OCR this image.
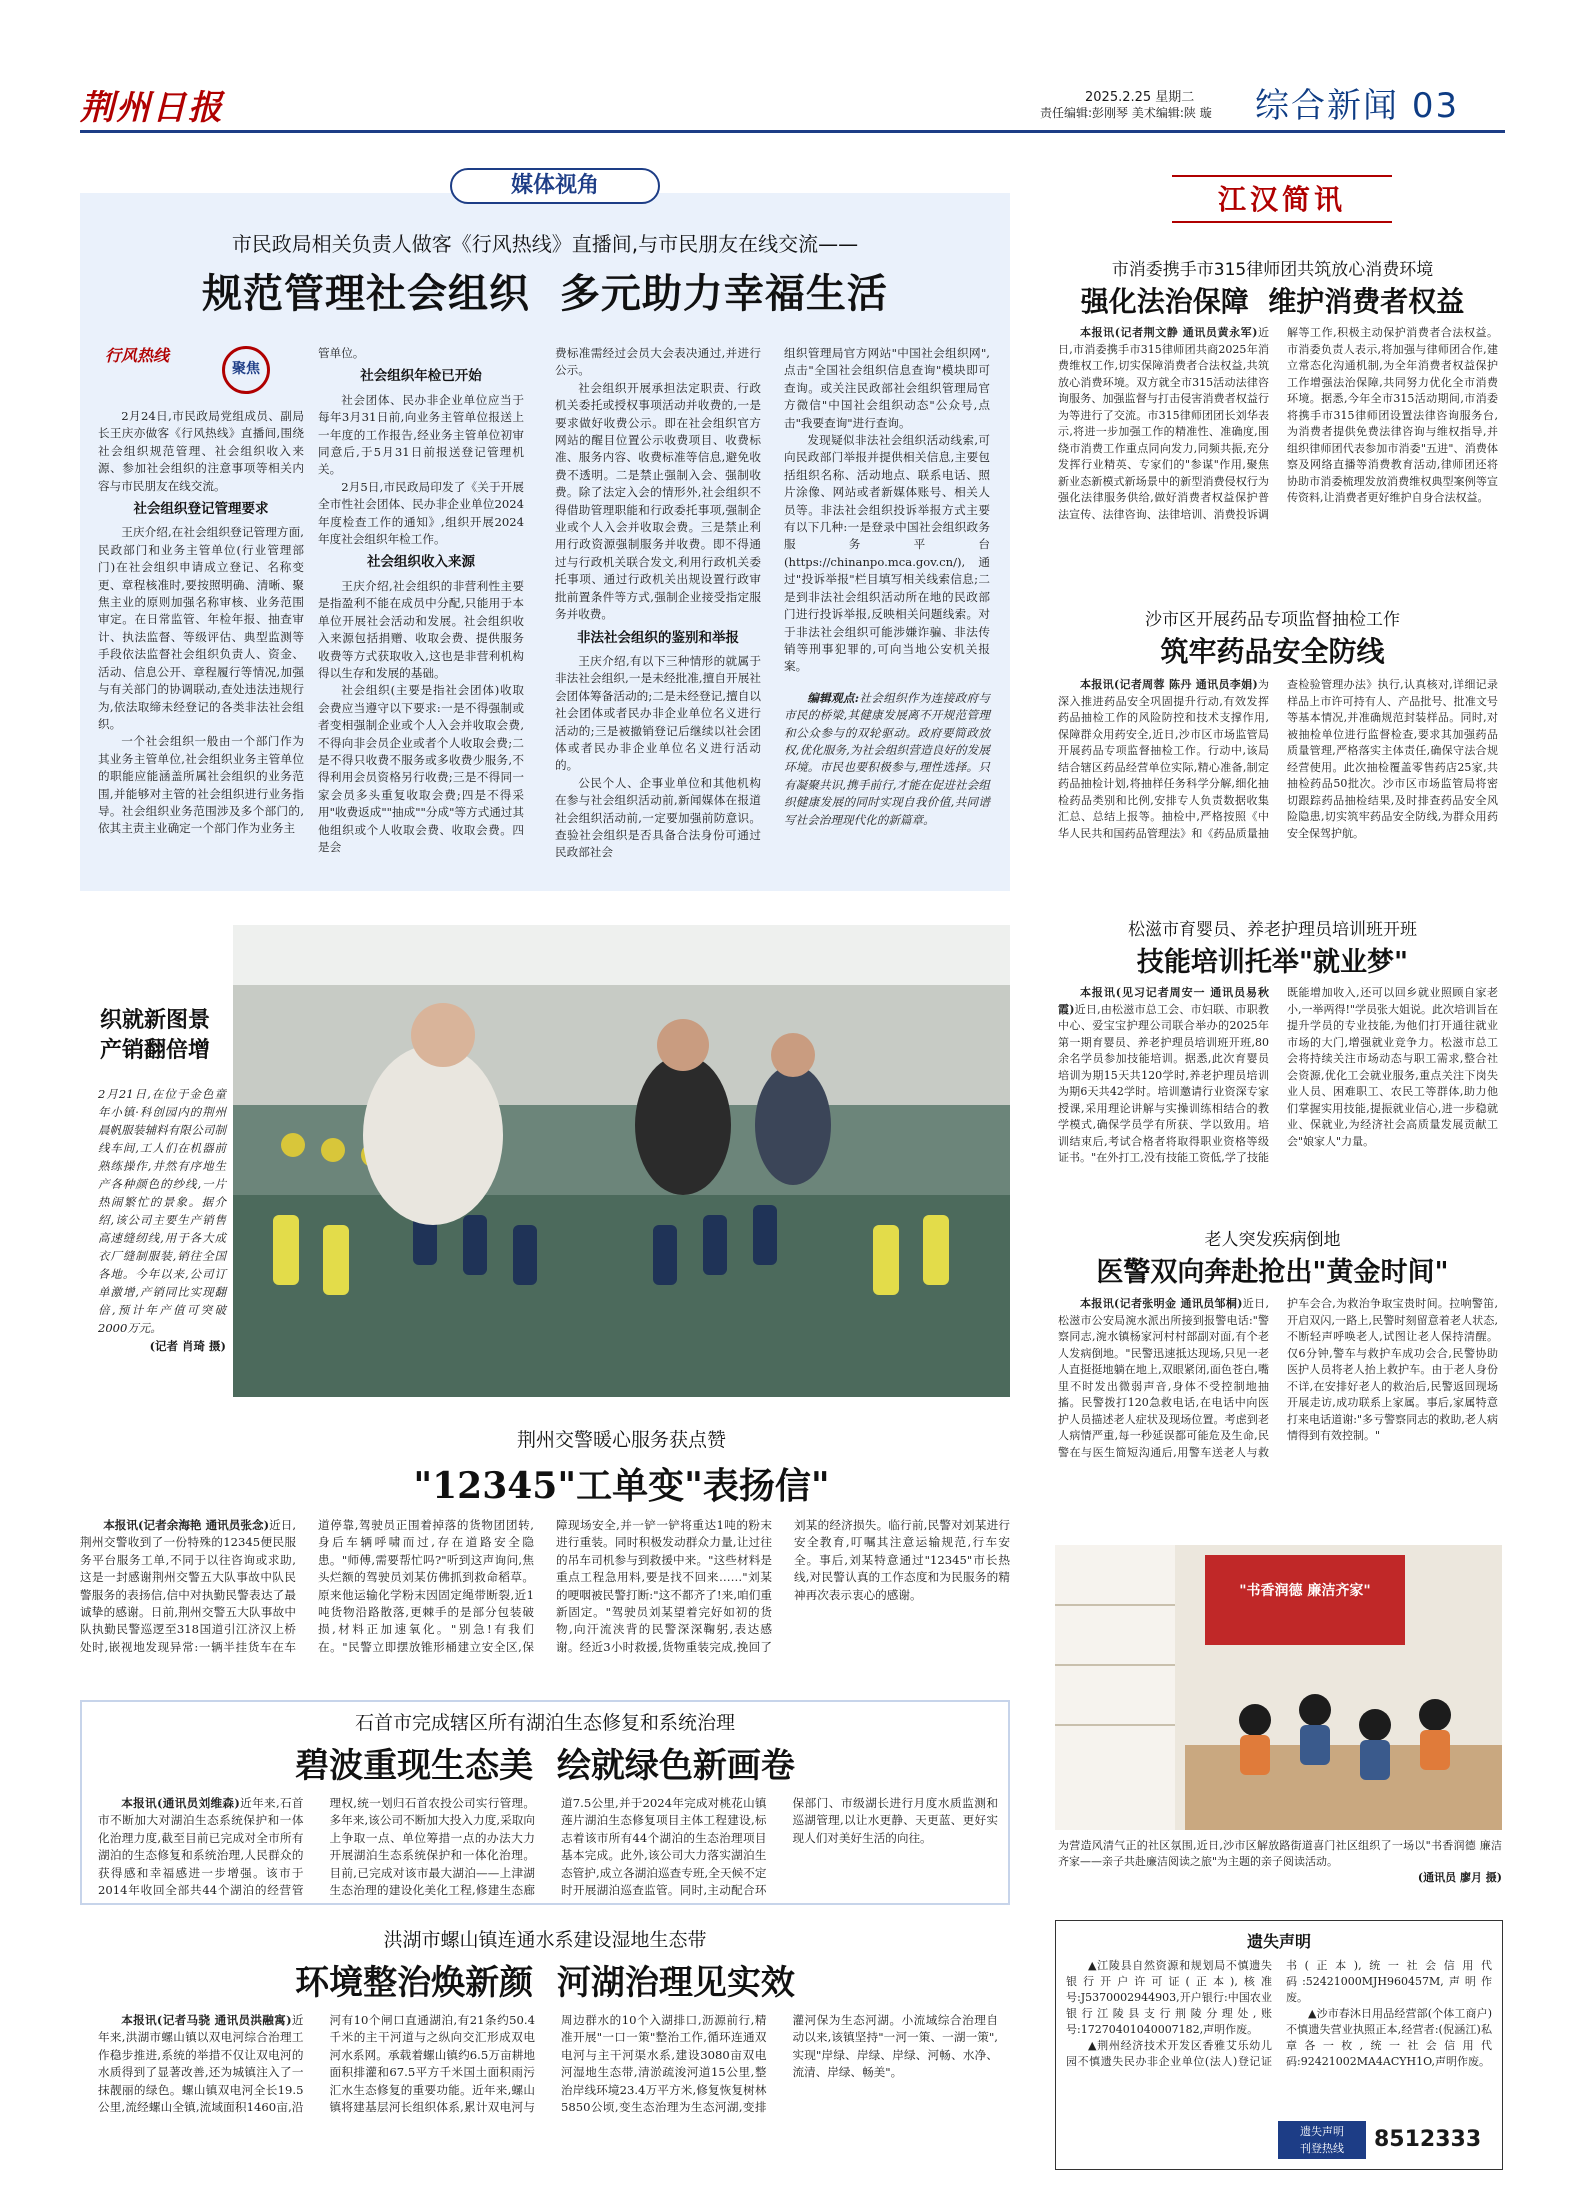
荆州日报	2025.2.25 星期二
责任编辑:彭刚琴 美术编辑:陕 璇 综合新闻 03
媒体视角
市民政局相关负责人做客《行风热线》直播间,与市民朋友在线交流——
规范管理社会组织  多元助力幸福生活
行风热线
聚焦

2月24日,市民政局党组成员、副局长王庆亦做客《行风热线》直播间,围绕社会组织规范管理、社会组织收入来源、参加社会组织的注意事项等相关内容与市民朋友在线交流。

社会组织登记管理要求

王庆介绍,在社会组织登记管理方面,民政部门和业务主管单位(行业管理部门)在社会组织申请成立登记、名称变更、章程核准时,要按照明确、清晰、聚焦主业的原则加强名称审核、业务范围审定。在日常监管、年检年报、抽查审计、执法监督、等级评估、典型监测等手段依法监督社会组织负责人、资金、活动、信息公开、章程履行等情况,加强与有关部门的协调联动,查处违法违规行为,依法取缔未经登记的各类非法社会组织。

一个社会组织一般由一个部门作为其业务主管单位,社会组织业务主管单位的职能应能涵盖所属社会组织的业务范围,并能够对主管的社会组织进行业务指导。社会组织业务范围涉及多个部门的,依其主责主业确定一个部门作为业务主

管单位。

社会组织年检已开始

社会团体、民办非企业单位应当于每年3月31日前,向业务主管单位报送上一年度的工作报告,经业务主管单位初审同意后,于5月31日前报送登记管理机关。

2月5日,市民政局印发了《关于开展全市性社会团体、民办非企业单位2024年度检查工作的通知》,组织开展2024年度社会组织年检工作。

社会组织收入来源

王庆介绍,社会组织的非营利性主要是指盈利不能在成员中分配,只能用于本单位开展社会活动和发展。社会组织收入来源包括捐赠、收取会费、提供服务收费等方式获取收入,这也是非营利机构得以生存和发展的基础。

社会组织(主要是指社会团体)收取会费应当遵守以下要求:一是不得强制或者变相强制企业或个人入会并收取会费,不得向非会员企业或者个人收取会费;二是不得只收费不服务或多收费少服务,不得利用会员资格另行收费;三是不得同一家会员多头重复收取会费;四是不得采用"收费返成""抽成""分成"等方式通过其他组织或个人收取会费、收取会费。四是会

费标准需经过会员大会表决通过,并进行公示。

社会组织开展承担法定职责、行政机关委托或授权事项活动并收费的,一是要求做好收费公示。即在社会组织官方网站的醒目位置公示收费项目、收费标准、服务内容、收费标准等信息,避免收费不透明。二是禁止强制入会、强制收费。除了法定入会的情形外,社会组织不得借助管理职能和行政委托事项,强制企业或个人入会并收取会费。三是禁止利用行政资源强制服务并收费。即不得通过与行政机关联合发文,利用行政机关委托事项、通过行政机关出规设置行政审批前置条件等方式,强制企业接受指定服务并收费。

非法社会组织的鉴别和举报

王庆介绍,有以下三种情形的就属于非法社会组织,一是未经批准,擅自开展社会团体筹备活动的;二是未经登记,擅自以社会团体或者民办非企业单位名义进行活动的;三是被撤销登记后继续以社会团体或者民办非企业单位名义进行活动的。

公民个人、企事业单位和其他机构在参与社会组织活动前,新闻媒体在报道社会组织活动前,一定要加强前防意识。查验社会组织是否具备合法身份可通过民政部社会

组织管理局官方网站"中国社会组织网",点击"全国社会组织信息查询"模块即可查询。或关注民政部社会组织管理局官方微信"中国社会组织动态"公众号,点击"我要查询"进行查询。

发现疑似非法社会组织活动线索,可向民政部门举报并提供相关信息,主要包括组织名称、活动地点、联系电话、照片涂像、网站或者新媒体账号、相关人员等。非法社会组织投诉举报方式主要有以下几种:一是登录中国社会组织政务服务平台(https://chinanpo.mca.gov.cn/),通过"投诉举报"栏目填写相关线索信息;二是到非法社会组织活动所在地的民政部门进行投诉举报,反映相关问题线索。对于非法社会组织可能涉嫌诈骗、非法传销等刑事犯罪的,可向当地公安机关报案。

编辑观点:社会组织作为连接政府与市民的桥梁,其健康发展离不开规范管理和公众参与的双轮驱动。政府要简政放权,优化服务,为社会组织营造良好的发展环境。市民也要积极参与,理性选择。只有凝聚共识,携手前行,才能在促进社会组织健康发展的同时实现自我价值,共同谱写社会治理现代化的新篇章。

织就新图景
产销翻倍增
2月21日,在位于金色童年小镇·科创园内的荆州晨帆服装辅料有限公司制线车间,工人们在机器前熟练操作,井然有序地生产各种颜色的纱线,一片热闹繁忙的景象。据介绍,该公司主要生产销售高速缝纫线,用于各大成衣厂缝制服装,销往全国各地。今年以来,公司订单激增,产销同比实现翻倍,预计年产值可突破2000万元。
(记者 肖琦 摄)
荆州交警暖心服务获点赞
"12345"工单变"表扬信"

本报讯(记者余海艳 通讯员张念)近日,荆州交警收到了一份特殊的12345便民服务平台服务工单,不同于以往咨询或求助,这是一封感谢荆州交警五大队事故中队民警服务的表扬信,信中对执勤民警表达了最诚挚的感谢。日前,荆州交警五大队事故中队执勤民警巡逻至318国道引江济汉上桥处时,嵌视地发现异常:一辆半挂货车在车道停靠,驾驶员正围着掉落的货物团团转,身后车辆呼啸而过,存在道路安全隐患。"师傅,需要帮忙吗?"听到这声询问,焦头烂额的驾驶员刘某仿佛抓到救命稻草。原来他运输化学粉末因固定绳带断裂,近1吨货物沿路散落,更棘手的是部分包装破损,材料正加速氧化。"别急!有我们在。"民警立即摆放锥形桶建立安全区,保障现场安全,并一铲一铲将重达1吨的粉末进行重装。同时积极发动群众力量,让过往的吊车司机参与到救援中来。"这些材料是重点工程急用料,要是找不回来……"刘某的哽咽被民警打断:"这不都齐了!来,咱们重新固定。"驾驶员刘某望着完好如初的货物,向汗流浃背的民警深深鞠躬,表达感谢。经近3小时救援,货物重装完成,挽回了刘某的经济损失。临行前,民警对刘某进行安全教育,叮嘱其注意运输规范,行车安全。事后,刘某特意通过"12345"市长热线,对民警认真的工作态度和为民服务的精神再次表示衷心的感谢。

石首市完成辖区所有湖泊生态修复和系统治理
碧波重现生态美  绘就绿色新画卷

本报讯(通讯员刘维森)近年来,石首市不断加大对湖泊生态系统保护和一体化治理力度,截至目前已完成对全市所有湖泊的生态修复和系统治理,人民群众的获得感和幸福感进一步增强。该市于2014年收回全部共44个湖泊的经营管理权,统一划归石首农投公司实行管理。多年来,该公司不断加大投入力度,采取向上争取一点、单位筹措一点的办法大力开展湖泊生态系统保护和一体化治理。目前,已完成对该市最大湖泊——上津湖生态治理的建设化美化工程,修建生态廊道7.5公里,并于2024年完成对桃花山镇莲片湖泊生态修复项目主体工程建设,标志着该市所有44个湖泊的生态治理项目基本完成。此外,该公司大力落实湖泊生态管护,成立各湖泊巡查专班,全天候不定时开展湖泊巡查监管。同时,主动配合环保部门、市级湖长进行月度水质监测和巡湖管理,以让水更静、天更蓝、更好实现人们对美好生活的向往。

洪湖市螺山镇连通水系建设湿地生态带
环境整治焕新颜  河湖治理见实效

本报讯(记者马骁 通讯员洪融寓)近年来,洪湖市螺山镇以双电河综合治理工作稳步推进,系统的举措不仅让双电河的水质得到了显著改善,还为城镇注入了一抹靓丽的绿色。螺山镇双电河全长19.5公里,流经螺山全镇,流域面积1460亩,沿河有10个闸口直通湖泊,有21条约50.4千米的主干河道与之纵向交汇形成双电河水系网。承载着螺山镇约6.5万亩耕地面积排灌和67.5平方千米国土面积雨污汇水生态修复的重要功能。近年来,螺山镇将建基层河长组织体系,累计双电河与周边群水的10个入湖排口,沥源前行,精准开展"一口一策"整治工作,循环连通双电河与主干河渠水系,建设3080亩双电河湿地生态带,清淤疏浚河道15公里,整治岸线环境23.4万平方米,修复恢复树林5850公顷,变生态治理为生态河湖,变排灌河保为生态河湖。小流域综合治理自动以来,该镇坚持"一河一策、一湖一策",实现"岸绿、岸绿、岸绿、河畅、水净、流清、岸绿、畅美"。

江汉简讯
市消委携手市315律师团共筑放心消费环境
强化法治保障  维护消费者权益

本报讯(记者荆文静 通讯员黄永军)近日,市消委携手市315律师团共商2025年消费维权工作,切实保障消费者合法权益,共筑放心消费环境。双方就全市315活动法律咨询服务、加强监督与打击侵害消费者权益行为等进行了交流。市315律师团团长刘华表示,将进一步加强工作的精准性、准确度,围绕市消费工作重点同向发力,同频共振,充分发挥行业精英、专家们的"参谋"作用,聚焦新业态新模式新场景中的新型消费侵权行为强化法律服务供给,做好消费者权益保护普法宣传、法律咨询、法律培训、消费投诉调解等工作,积极主动保护消费者合法权益。市消委负责人表示,将加强与律师团合作,建立常态化沟通机制,为全年消费者权益保护工作增强法治保障,共同努力优化全市消费环境。据悉,今年全市315活动期间,市消委将携手市315律师团设置法律咨询服务台,为消费者提供免费法律咨询与维权指导,并组织律师团代表参加市消委"五进"、消费体察及网络直播等消费教育活动,律师团还将协助市消委梳理发放消费维权典型案例等宣传资料,让消费者更好维护自身合法权益。

沙市区开展药品专项监督抽检工作
筑牢药品安全防线

本报讯(记者周蓉 陈丹 通讯员李娟)为深入推进药品安全巩固提升行动,有效发挥药品抽检工作的风险防控和技术支撑作用,保障群众用药安全,近日,沙市区市场监管局开展药品专项监督抽检工作。行动中,该局结合辖区药品经营单位实际,精心准备,制定药品抽检计划,将抽样任务科学分解,细化抽检药品类别和比例,安排专人负责数据收集汇总、总结上报等。抽检中,严格按照《中华人民共和国药品管理法》和《药品质量抽查检验管理办法》执行,认真核对,详细记录样品上市许可持有人、产品批号、批准文号等基本情况,并准确规范封装样品。同时,对被抽检单位进行监督检查,要求其加强药品质量管理,严格落实主体责任,确保守法合规经营使用。此次抽检覆盖零售药店25家,共抽检药品50批次。沙市区市场监管局将密切跟踪药品抽检结果,及时排查药品安全风险隐患,切实筑牢药品安全防线,为群众用药安全保驾护航。

松滋市育婴员、养老护理员培训班开班
技能培训托举"就业梦"

本报讯(见习记者周安一 通讯员易秋霞)近日,由松滋市总工会、市妇联、市职教中心、爱宝宝护理公司联合举办的2025年第一期育婴员、养老护理员培训班开班,80余名学员参加技能培训。据悉,此次育婴员培训为期15天共120学时,养老护理员培训为期6天共42学时。培训邀请行业资深专家授课,采用理论讲解与实操训练相结合的教学模式,确保学员学有所获、学以致用。培训结束后,考试合格者将取得职业资格等级证书。"在外打工,没有技能工资低,学了技能既能增加收入,还可以回乡就业照顾自家老小,一举两得!"学员张大姐说。此次培训旨在提升学员的专业技能,为他们打开通往就业市场的大门,增强就业竞争力。松滋市总工会将持续关注市场动态与职工需求,整合社会资源,优化工会就业服务,重点关注下岗失业人员、困难职工、农民工等群体,助力他们掌握实用技能,提振就业信心,进一步稳就业、保就业,为经济社会高质量发展贡献工会"娘家人"力量。

老人突发疾病倒地
医警双向奔赴抢出"黄金时间"

本报讯(记者张明金 通讯员邹桐)近日,松滋市公安局涴水派出所接到报警电话:"警察同志,涴水镇杨家河村村部副对面,有个老人发病倒地。"民警迅速抵达现场,只见一老人直挺挺地躺在地上,双眼紧闭,面色苍白,嘴里不时发出微弱声音,身体不受控制地抽搐。民警拨打120急救电话,在电话中向医护人员描述老人症状及现场位置。考虑到老人病情严重,每一秒延误都可能危及生命,民警在与医生简短沟通后,用警车送老人与救护车会合,为救治争取宝贵时间。拉响警笛,开启双闪,一路上,民警时刻留意着老人状态,不断轻声呼唤老人,试图让老人保持清醒。仅6分钟,警车与救护车成功会合,民警协助医护人员将老人抬上救护车。由于老人身份不详,在安排好老人的救治后,民警返回现场开展走访,成功联系上家属。事后,家属特意打来电话道谢:"多亏警察同志的救助,老人病情得到有效控制。"

"书香润德 廉洁齐家"
为营造风清气正的社区氛围,近日,沙市区解放路街道喜门社区组织了一场以"书香润德 廉洁齐家——亲子共赴廉洁阅读之旅"为主题的亲子阅读活动。
(通讯员 廖月 摄)
遗失声明

▲江陵县自然资源和规划局不慎遗失银行开户许可证(正本),核准号:J5370002944903,开户银行:中国农业银行江陵县支行荆陵分理处,账号:17270401040007182,声明作废。

▲荆州经济技术开发区香雅艾乐幼儿园不慎遗失民办非企业单位(法人)登记证书(正本),统一社会信用代码:52421000MJH960457M,声明作废。

▲沙市春沐日用品经营部(个体工商户)不慎遗失营业执照正本,经营者:(倪涵江)私章各一枚,统一社会信用代码:92421002MA4ACYH1O,声明作废。

遗失声明
刊登热线	8512333
